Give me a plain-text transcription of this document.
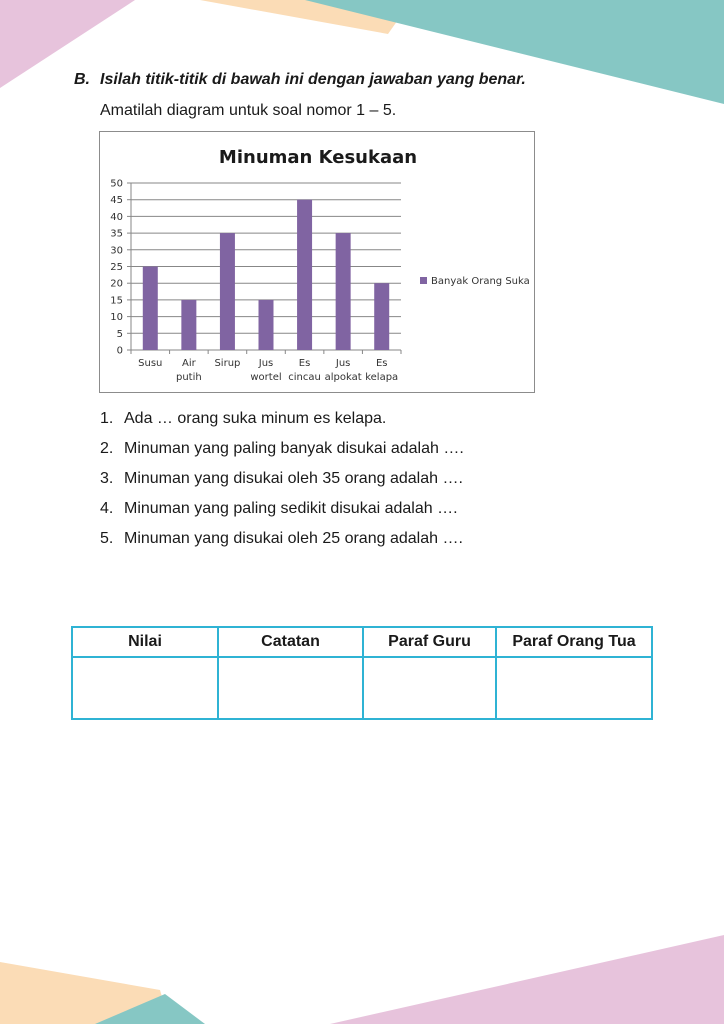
B. Isilah titik-titik di bawah ini dengan jawaban yang benar.

Amatilah diagram untuk soal nomor 1 – 5.
Minuman Kesukaan
0
5
10
15
20
25
30
35
40
45
50
Susu Air
putih
Sirup Jus
wortel
Es
cincau
Jus
alpokat
Es
kelapa
Banyak Orang Suka
1. Ada … orang suka minum es kelapa.
2. Minuman yang paling banyak disukai adalah ….
3. Minuman yang disukai oleh 35 orang adalah ….
4. Minuman yang paling sedikit disukai adalah ….
5. Minuman yang disukai oleh 25 orang adalah ….
Nilai	Catatan	Paraf Guru	Paraf Orang Tua
